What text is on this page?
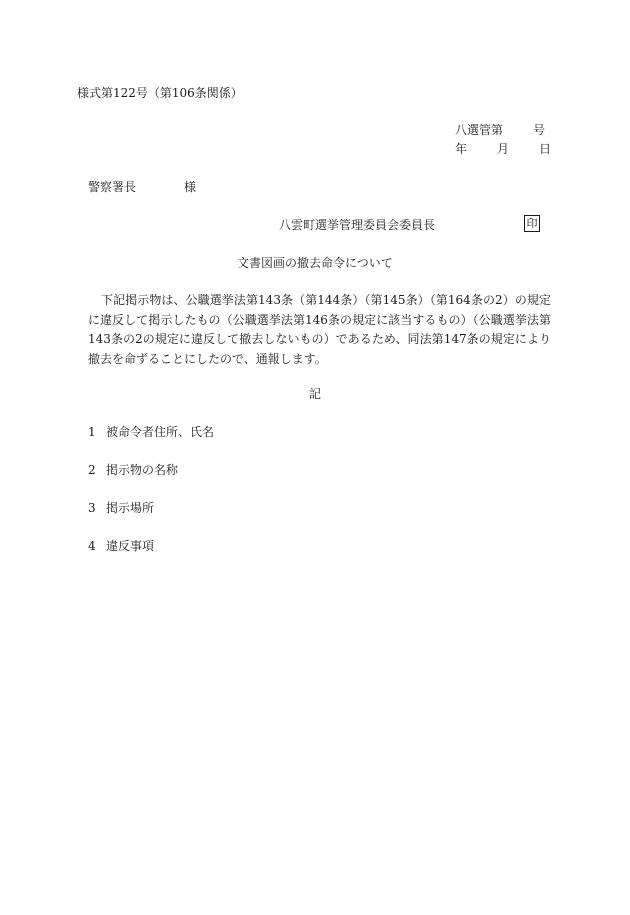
様式第122号（第106条関係）
八選管第	号
年	月	日
警察署長	様
八雲町選挙管理委員会委員長	印
文書図画の撤去命令について

下記掲示物は、公職選挙法第143条（第144条）（第145条）（第164条の2）の規定に違反して掲示したもの（公職選挙法第146条の規定に該当するもの）（公職選挙法第143条の2の規定に違反して撤去しないもの）であるため、同法第147条の規定により撤去を命ずることにしたので、通報します。

記
1 被命令者住所、氏名
2 掲示物の名称
3 掲示場所
4 違反事項
